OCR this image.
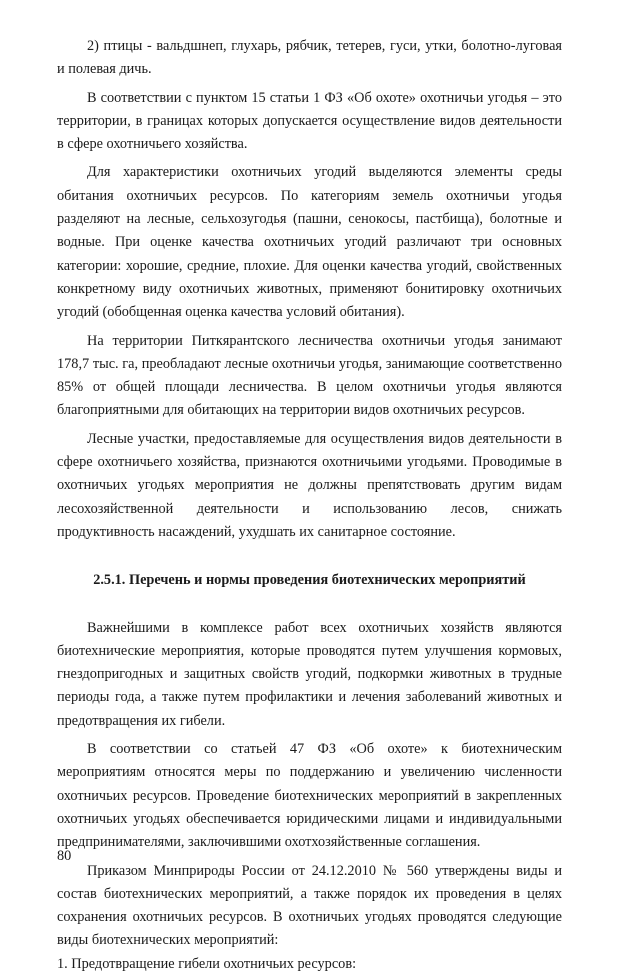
2) птицы - вальдшнеп, глухарь, рябчик, тетерев, гуси, утки, болотно-луговая и полевая дичь.

В соответствии с пунктом 15 статьи 1 ФЗ «Об охоте» охотничьи угодья – это территории, в границах которых допускается осуществление видов деятельности в сфере охотничьего хозяйства.

Для характеристики охотничьих угодий выделяются элементы среды обитания охотничьих ресурсов. По категориям земель охотничьи угодья разделяют на лесные, сельхозугодья (пашни, сенокосы, пастбища), болотные и водные. При оценке качества охотничьих угодий различают три основных категории: хорошие, средние, плохие. Для оценки качества угодий, свойственных конкретному виду охотничьих животных, применяют бонитировку охотничьих угодий (обобщенная оценка качества условий обитания).

На территории Питкярантского лесничества охотничьи угодья занимают 178,7 тыс. га, преобладают лесные охотничьи угодья, занимающие соответственно 85% от общей площади лесничества. В целом охотничьи угодья являются благоприятными для обитающих на территории видов охотничьих ресурсов.

Лесные участки, предоставляемые для осуществления видов деятельности в сфере охотничьего хозяйства, признаются охотничьими угодьями. Проводимые в охотничьих угодьях мероприятия не должны препятствовать другим видам лесохозяйственной деятельности и использованию лесов, снижать продуктивность насаждений, ухудшать их санитарное состояние.

2.5.1. Перечень и нормы проведения биотехнических мероприятий

Важнейшими в комплексе работ всех охотничьих хозяйств являются биотехнические мероприятия, которые проводятся путем улучшения кормовых, гнездопригодных и защитных свойств угодий, подкормки животных в трудные периоды года, а также путем профилактики и лечения заболеваний животных и предотвращения их гибели.

В соответствии со статьей 47 ФЗ «Об охоте» к биотехническим мероприятиям относятся меры по поддержанию и увеличению численности охотничьих ресурсов. Проведение биотехнических мероприятий в закрепленных охотничьих угодьях обеспечивается юридическими лицами и индивидуальными предпринимателями, заключившими охотхозяйственные соглашения.

Приказом Минприроды России от 24.12.2010 № 560 утверждены виды и состав биотехнических мероприятий, а также порядок их проведения в целях сохранения охотничьих ресурсов. В охотничьих угодьях проводятся следующие виды биотехнических мероприятий:

1. Предотвращение гибели охотничьих ресурсов:

80
